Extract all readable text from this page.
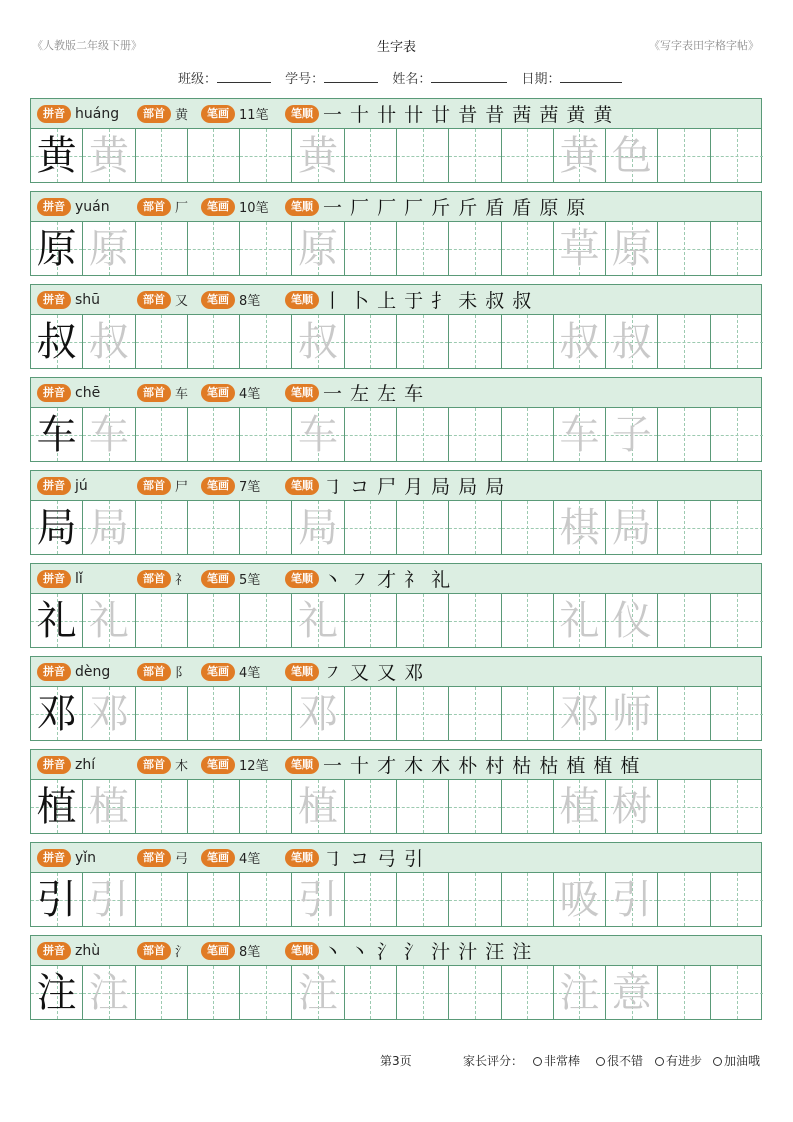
《人教版二年级下册》	生字表	《写字表田字格字帖》
班级：	学号：	姓名：	日期：
拼音 huáng	部首 黄	笔画 11笔	笔顺 一 十 卄 卄 廿 昔 昔 茜 茜 黄 黄
黄 黄	黄	黄 色
拼音 yuán	部首 厂	笔画 10笔	笔顺 一 厂 厂 厂 斤 斤 盾 盾 原 原
原 原	原	草 原
拼音 shū	部首 又	笔画 8笔	笔顺 丨 卜 上 于 扌 未 叔 叔
叔 叔	叔	叔 叔
拼音 chē	部首 车	笔画 4笔	笔顺 一 左 左 车
车 车	车	车 子
拼音 jú	部首 尸	笔画 7笔	笔顺 ㇆ コ 尸 月 局 局 局
局 局	局	棋 局
拼音 lǐ	部首 礻	笔画 5笔	笔顺 丶 ㇇ 才 礻 礼
礼 礼	礼	礼 仪
拼音 dèng	部首 阝	笔画 4笔	笔顺 ㇇ 又 又 邓
邓 邓	邓	邓 师
拼音 zhí	部首 木	笔画 12笔	笔顺 一 十 才 木 木 朴 村 枯 枯 植 植 植
植 植	植	植 树
拼音 yǐn	部首 弓	笔画 4笔	笔顺 ㇆ コ 弓 引
引 引	引	吸 引
拼音 zhù	部首 氵	笔画 8笔	笔顺 丶 丶 氵 氵 汁 汁 汪 注
注 注	注	注 意
第3页	家长评分：	非常棒	很不错	有进步	加油哦
